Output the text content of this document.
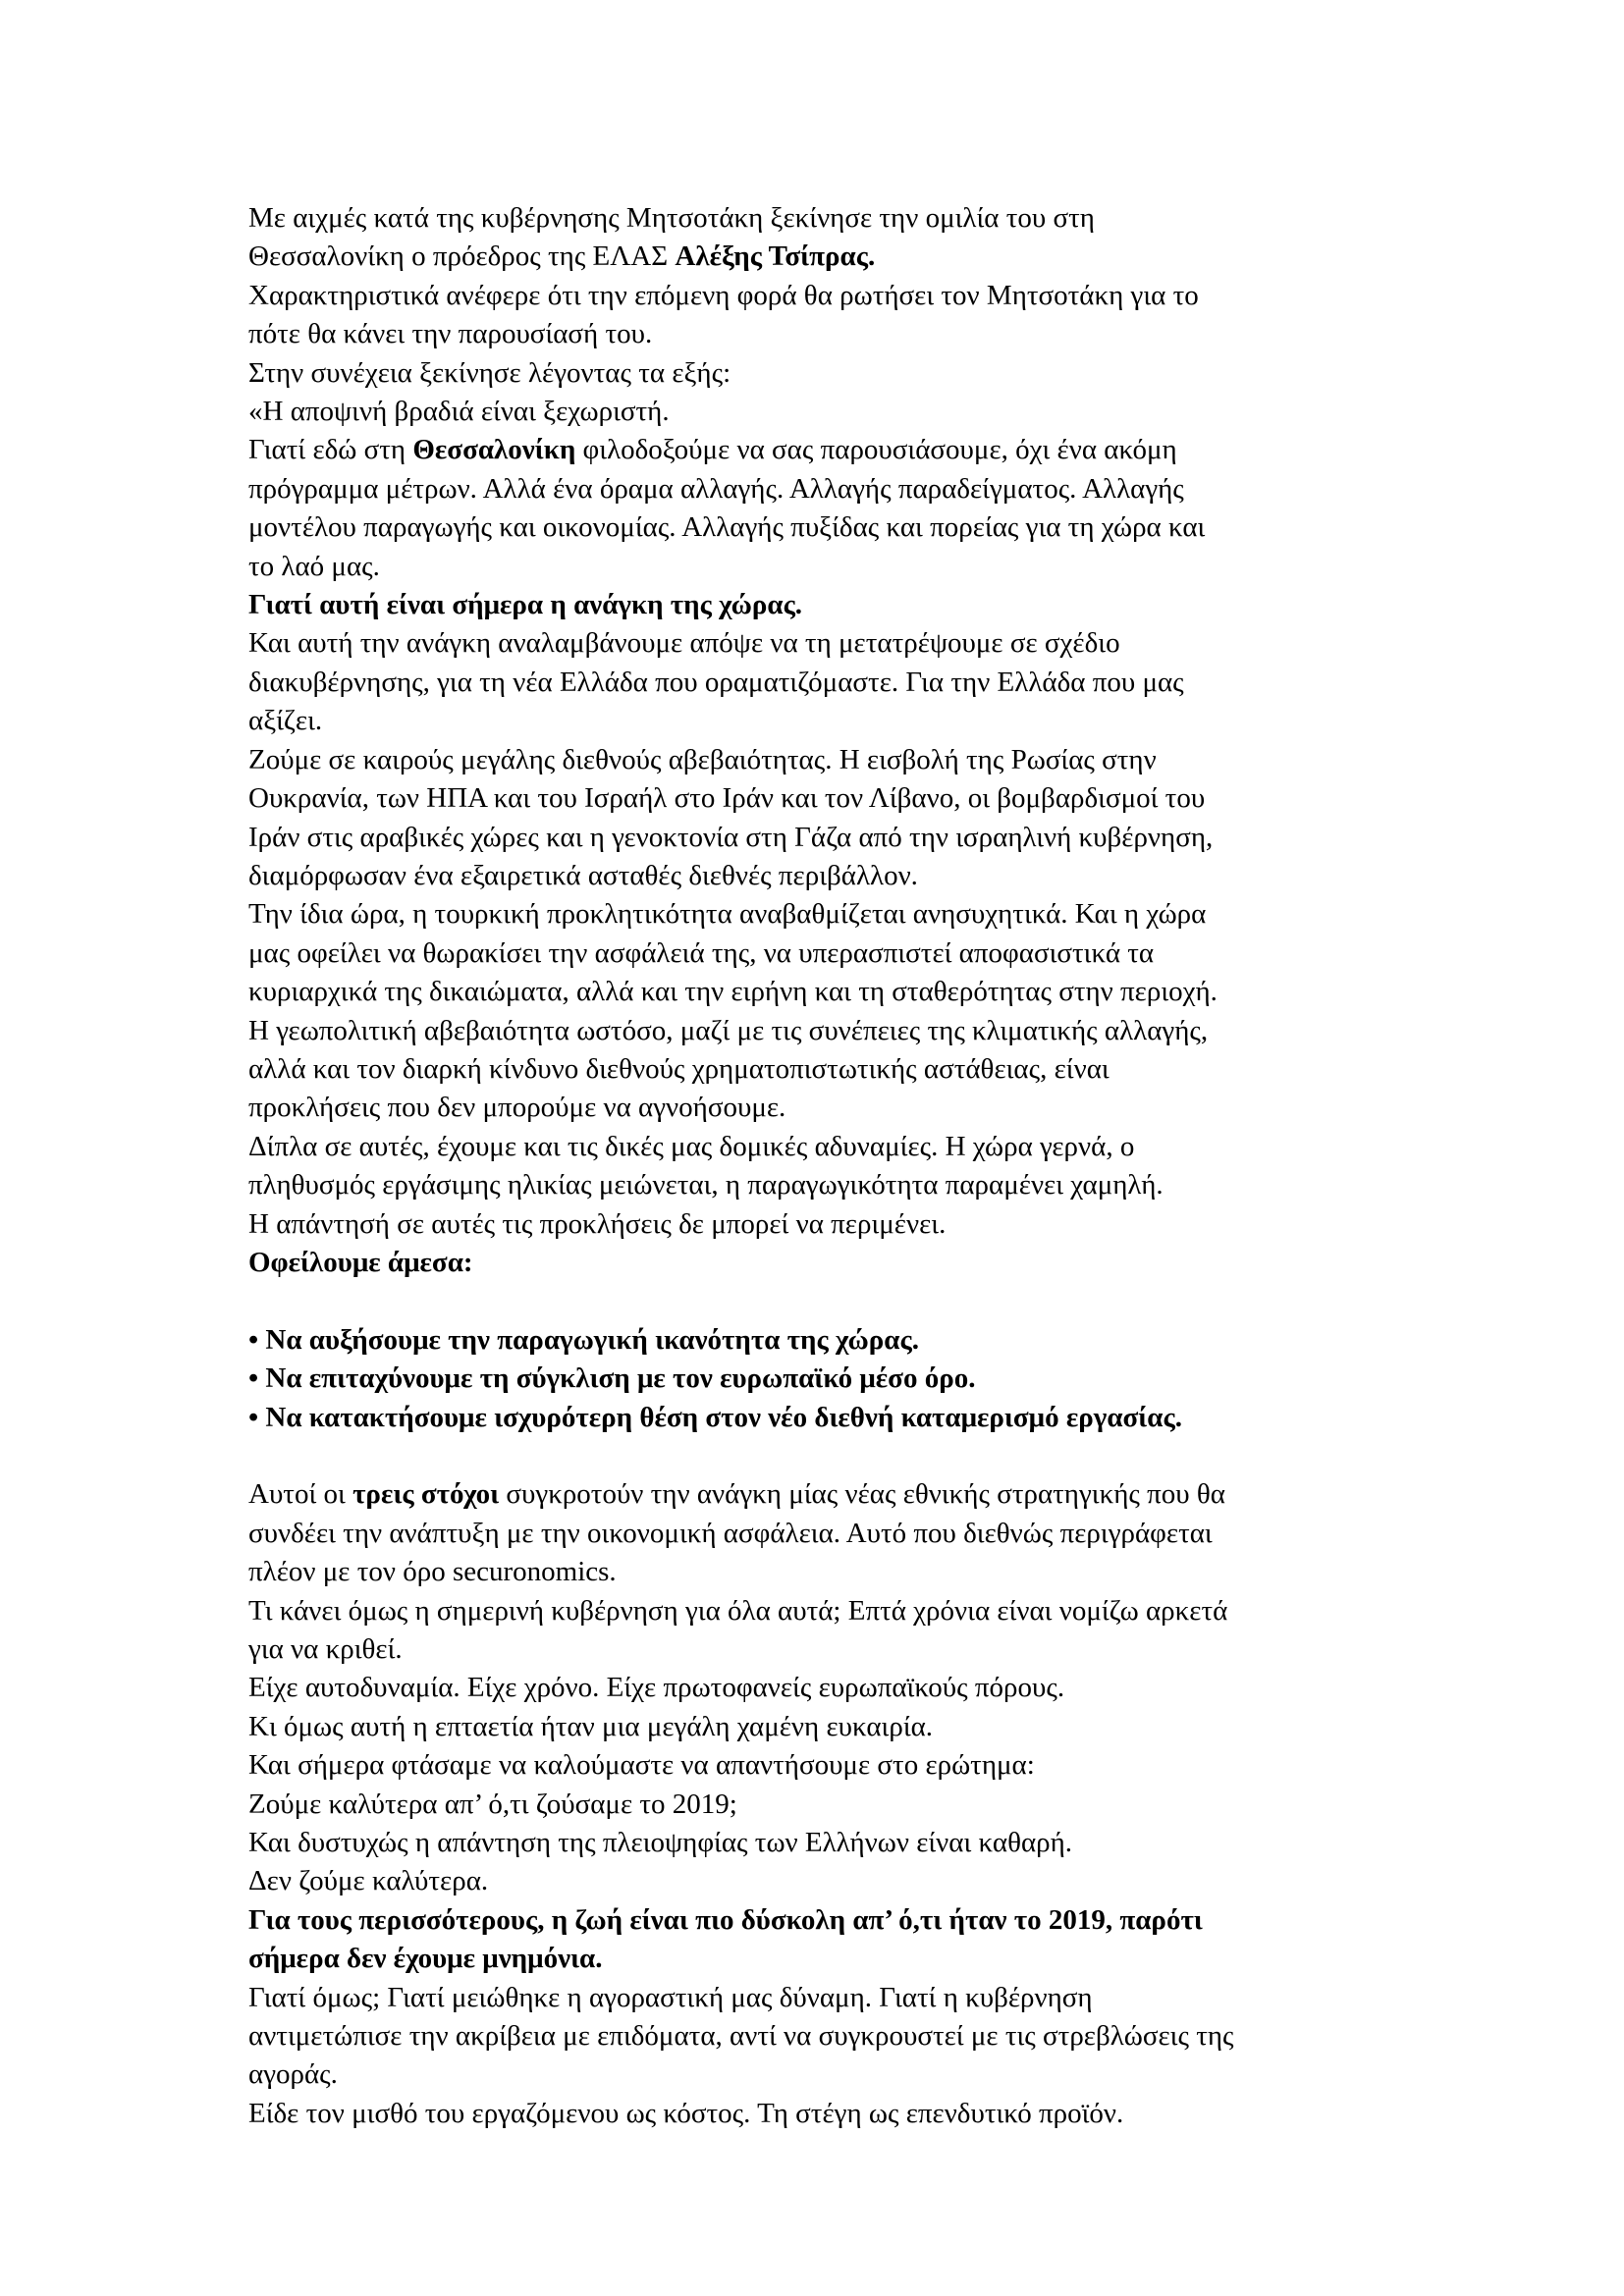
Με αιχμές κατά της κυβέρνησης Μητσοτάκη ξεκίνησε την ομιλία του στη
Θεσσαλονίκη ο πρόεδρος της ΕΛΑΣ Αλέξης Τσίπρας.
Χαρακτηριστικά ανέφερε ότι την επόμενη φορά θα ρωτήσει τον Μητσοτάκη για το
πότε θα κάνει την παρουσίασή του.
Στην συνέχεια ξεκίνησε λέγοντας τα εξής:
«Η αποψινή βραδιά είναι ξεχωριστή.
Γιατί εδώ στη Θεσσαλονίκη φιλοδοξούμε να σας παρουσιάσουμε, όχι ένα ακόμη
πρόγραμμα μέτρων. Αλλά ένα όραμα αλλαγής. Αλλαγής παραδείγματος. Αλλαγής
μοντέλου παραγωγής και οικονομίας. Αλλαγής πυξίδας και πορείας για τη χώρα και
το λαό μας.
Γιατί αυτή είναι σήμερα η ανάγκη της χώρας.
Και αυτή την ανάγκη αναλαμβάνουμε απόψε να τη μετατρέψουμε σε σχέδιο
διακυβέρνησης, για τη νέα Ελλάδα που οραματιζόμαστε. Για την Ελλάδα που μας
αξίζει.
Ζούμε σε καιρούς μεγάλης διεθνούς αβεβαιότητας. Η εισβολή της Ρωσίας στην
Ουκρανία, των ΗΠΑ και του Ισραήλ στο Ιράν και τον Λίβανο, οι βομβαρδισμοί του
Ιράν στις αραβικές χώρες και η γενοκτονία στη Γάζα από την ισραηλινή κυβέρνηση,
διαμόρφωσαν ένα εξαιρετικά ασταθές διεθνές περιβάλλον.
Την ίδια ώρα, η τουρκική προκλητικότητα αναβαθμίζεται ανησυχητικά. Και η χώρα
μας οφείλει να θωρακίσει την ασφάλειά της, να υπερασπιστεί αποφασιστικά τα
κυριαρχικά της δικαιώματα, αλλά και την ειρήνη και τη σταθερότητας στην περιοχή.
Η γεωπολιτική αβεβαιότητα ωστόσο, μαζί με τις συνέπειες της κλιματικής αλλαγής,
αλλά και τον διαρκή κίνδυνο διεθνούς χρηματοπιστωτικής αστάθειας, είναι
προκλήσεις που δεν μπορούμε να αγνοήσουμε.
Δίπλα σε αυτές, έχουμε και τις δικές μας δομικές αδυναμίες. Η χώρα γερνά, ο
πληθυσμός εργάσιμης ηλικίας μειώνεται, η παραγωγικότητα παραμένει χαμηλή.
Η απάντησή σε αυτές τις προκλήσεις δε μπορεί να περιμένει.
Οφείλουμε άμεσα:
• Να αυξήσουμε την παραγωγική ικανότητα της χώρας.
• Να επιταχύνουμε τη σύγκλιση με τον ευρωπαϊκό μέσο όρο.
• Να κατακτήσουμε ισχυρότερη θέση στον νέο διεθνή καταμερισμό εργασίας.
Αυτοί οι τρεις στόχοι συγκροτούν την ανάγκη μίας νέας εθνικής στρατηγικής που θα
συνδέει την ανάπτυξη με την οικονομική ασφάλεια. Αυτό που διεθνώς περιγράφεται
πλέον με τον όρο securonomics.
Τι κάνει όμως η σημερινή κυβέρνηση για όλα αυτά; Επτά χρόνια είναι νομίζω αρκετά
για να κριθεί.
Είχε αυτοδυναμία. Είχε χρόνο. Είχε πρωτοφανείς ευρωπαϊκούς πόρους.
Κι όμως αυτή η επταετία ήταν μια μεγάλη χαμένη ευκαιρία.
Και σήμερα φτάσαμε να καλούμαστε να απαντήσουμε στο ερώτημα:
Ζούμε καλύτερα απ’ ό,τι ζούσαμε το 2019;
Και δυστυχώς η απάντηση της πλειοψηφίας των Ελλήνων είναι καθαρή.
Δεν ζούμε καλύτερα.
Για τους περισσότερους, η ζωή είναι πιο δύσκολη απ’ ό,τι ήταν το 2019, παρότι
σήμερα δεν έχουμε μνημόνια.
Γιατί όμως; Γιατί μειώθηκε η αγοραστική μας δύναμη. Γιατί η κυβέρνηση
αντιμετώπισε την ακρίβεια με επιδόματα, αντί να συγκρουστεί με τις στρεβλώσεις της
αγοράς.
Είδε τον μισθό του εργαζόμενου ως κόστος. Τη στέγη ως επενδυτικό προϊόν.
